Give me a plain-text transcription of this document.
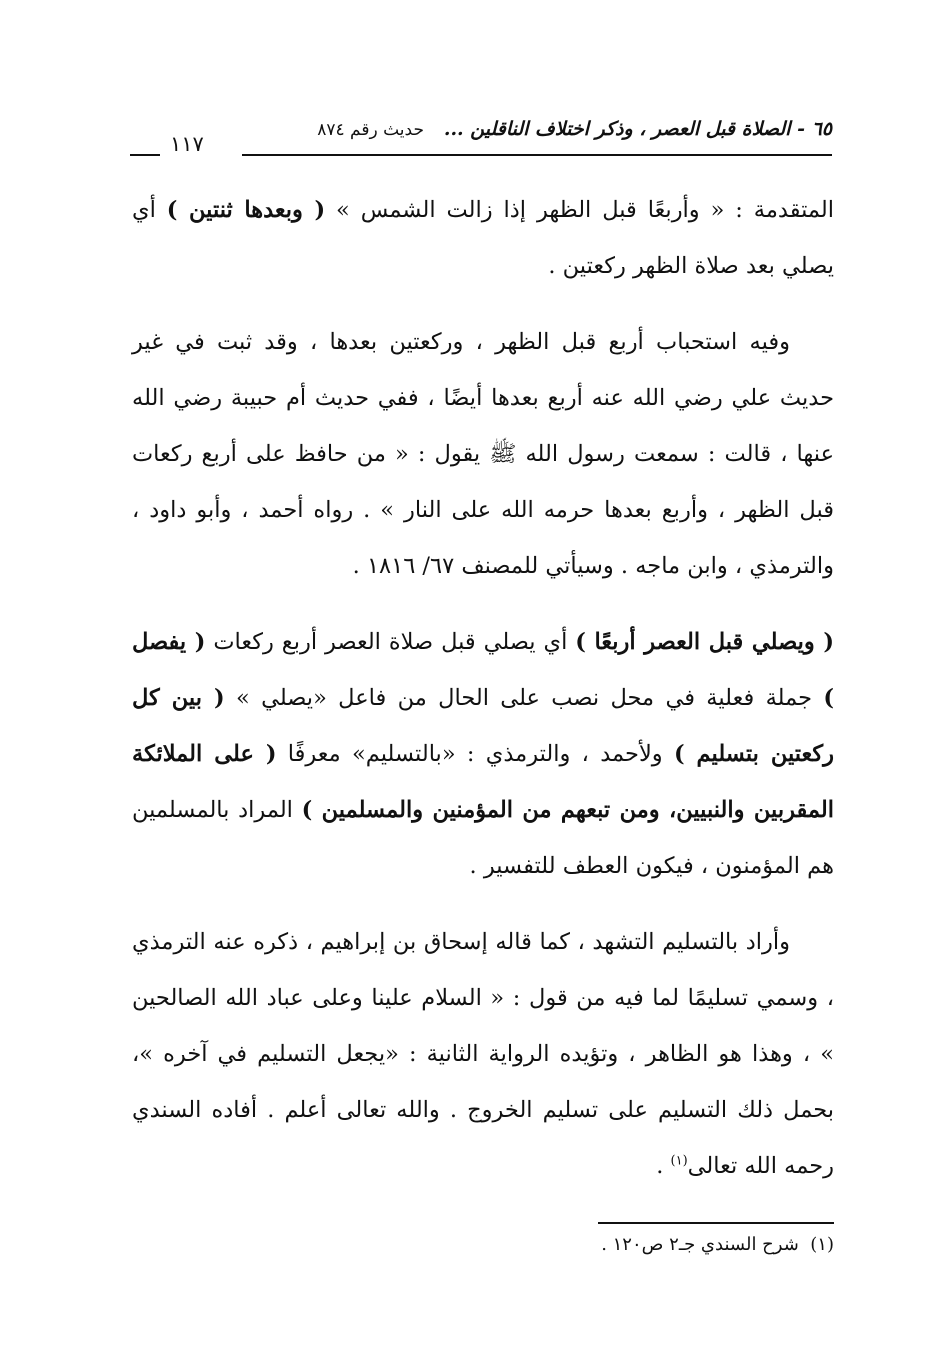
٦٥ - الصلاة قبل العصر ، وذكر اختلاف الناقلين ...   حديث رقم ٨٧٤
١١٧

المتقدمة : « وأربعًا قبل الظهر إذا زالت الشمس » ( وبعدها ثنتين ) أي يصلي بعد صلاة الظهر ركعتين .

وفيه استحباب أربع قبل الظهر ، وركعتين بعدها ، وقد ثبت في غير حديث علي رضي الله عنه أربع بعدها أيضًا ، ففي حديث أم حبيبة رضي الله عنها ، قالت : سمعت رسول الله ﷺ يقول : « من حافظ على أربع ركعات قبل الظهر ، وأربع بعدها حرمه الله على النار » . رواه أحمد ، وأبو داود ، والترمذي ، وابن ماجه . وسيأتي للمصنف ٦٧/ ١٨١٦ .

( ويصلي قبل العصر أربعًا ) أي يصلي قبل صلاة العصر أربع ركعات ( يفصل ) جملة فعلية في محل نصب على الحال من فاعل «يصلي » ( بين كل ركعتين بتسليم ) ولأحمد ، والترمذي : «بالتسليم» معرفًا ( على الملائكة المقربين والنبيين، ومن تبعهم من المؤمنين والمسلمين ) المراد بالمسلمين هم المؤمنون ، فيكون العطف للتفسير .

وأراد بالتسليم التشهد ، كما قاله إسحاق بن إبراهيم ، ذكره عنه الترمذي ، وسمي تسليمًا لما فيه من قول : « السلام علينا وعلى عباد الله الصالحين » ، وهذا هو الظاهر ، وتؤيده الرواية الثانية : «يجعل التسليم في آخره »، بحمل ذلك التسليم على تسليم الخروج . والله تعالى أعلم . أفاده السندي رحمه الله تعالى$^{(١)}$ .

(١)  شرح السندي جـ٢ ص١٢٠ .
